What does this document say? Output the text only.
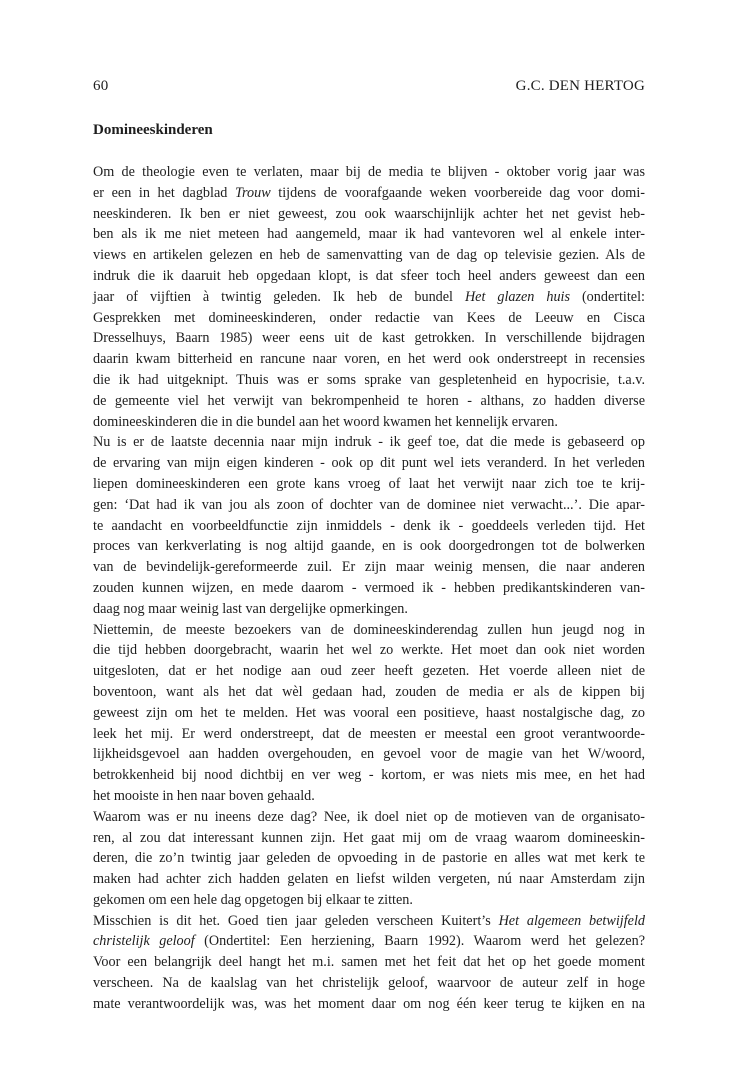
60	G.C. DEN HERTOG
Domineeskinderen
Om de theologie even te verlaten, maar bij de media te blijven - oktober vorig jaar was
er een in het dagblad Trouw tijdens de voorafgaande weken voorbereide dag voor domi-
neeskinderen. Ik ben er niet geweest, zou ook waarschijnlijk achter het net gevist heb-
ben als ik me niet meteen had aangemeld, maar ik had vantevoren wel al enkele inter-
views en artikelen gelezen en heb de samenvatting van de dag op televisie gezien. Als de
indruk die ik daaruit heb opgedaan klopt, is dat sfeer toch heel anders geweest dan een
jaar of vijftien à twintig geleden. Ik heb de bundel Het glazen huis (ondertitel:
Gesprekken met domineeskinderen, onder redactie van Kees de Leeuw en Cisca
Dresselhuys, Baarn 1985) weer eens uit de kast getrokken. In verschillende bijdragen
daarin kwam bitterheid en rancune naar voren, en het werd ook onderstreept in recensies
die ik had uitgeknipt. Thuis was er soms sprake van gespletenheid en hypocrisie, t.a.v.
de gemeente viel het verwijt van bekrompenheid te horen - althans, zo hadden diverse
domineeskinderen die in die bundel aan het woord kwamen het kennelijk ervaren.
Nu is er de laatste decennia naar mijn indruk - ik geef toe, dat die mede is gebaseerd op
de ervaring van mijn eigen kinderen - ook op dit punt wel iets veranderd. In het verleden
liepen domineeskinderen een grote kans vroeg of laat het verwijt naar zich toe te krij-
gen: ‘Dat had ik van jou als zoon of dochter van de dominee niet verwacht...’. Die apar-
te aandacht en voorbeeldfunctie zijn inmiddels - denk ik - goeddeels verleden tijd. Het
proces van kerkverlating is nog altijd gaande, en is ook doorgedrongen tot de bolwerken
van de bevindelijk-gereformeerde zuil. Er zijn maar weinig mensen, die naar anderen
zouden kunnen wijzen, en mede daarom - vermoed ik - hebben predikantskinderen van-
daag nog maar weinig last van dergelijke opmerkingen.
Niettemin, de meeste bezoekers van de domineeskinderendag zullen hun jeugd nog in
die tijd hebben doorgebracht, waarin het wel zo werkte. Het moet dan ook niet worden
uitgesloten, dat er het nodige aan oud zeer heeft gezeten. Het voerde alleen niet de
boventoon, want als het dat wèl gedaan had, zouden de media er als de kippen bij
geweest zijn om het te melden. Het was vooral een positieve, haast nostalgische dag, zo
leek het mij. Er werd onderstreept, dat de meesten er meestal een groot verantwoorde-
lijkheidsgevoel aan hadden overgehouden, en gevoel voor de magie van het W/woord,
betrokkenheid bij nood dichtbij en ver weg - kortom, er was niets mis mee, en het had
het mooiste in hen naar boven gehaald.
Waarom was er nu ineens deze dag? Nee, ik doel niet op de motieven van de organisato-
ren, al zou dat interessant kunnen zijn. Het gaat mij om de vraag waarom domineeskin-
deren, die zo’n twintig jaar geleden de opvoeding in de pastorie en alles wat met kerk te
maken had achter zich hadden gelaten en liefst wilden vergeten, nú naar Amsterdam zijn
gekomen om een hele dag opgetogen bij elkaar te zitten.
Misschien is dit het. Goed tien jaar geleden verscheen Kuitert’s Het algemeen betwijfeld
christelijk geloof (Ondertitel: Een herziening, Baarn 1992). Waarom werd het gelezen?
Voor een belangrijk deel hangt het m.i. samen met het feit dat het op het goede moment
verscheen. Na de kaalslag van het christelijk geloof, waarvoor de auteur zelf in hoge
mate verantwoordelijk was, was het moment daar om nog één keer terug te kijken en na
